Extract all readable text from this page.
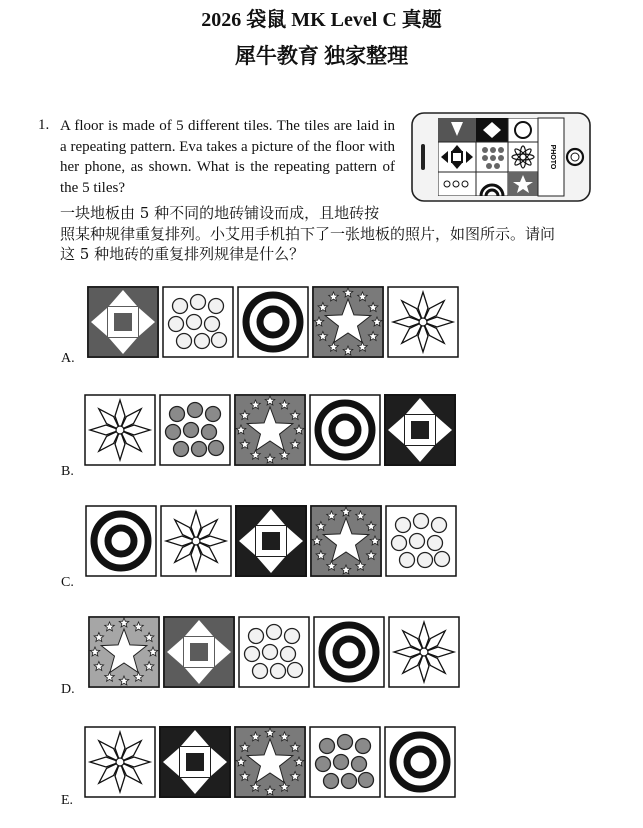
2026 袋鼠 MK Level C 真题
犀牛教育 独家整理
1. A floor is made of 5 different tiles. The tiles are laid in a repeating pattern. Eva takes a picture of the floor with her phone, as shown. What is the repeating pattern of the 5 tiles?
一块地板由 5 种不同的地砖铺设而成，且地砖按
照某种规律重复排列。小艾用手机拍下了一张地板的照片，如图所示。请问
这 5 种地砖的重复排列规律是什么？
PHOTO
A.
B.
C.
D.
E.
